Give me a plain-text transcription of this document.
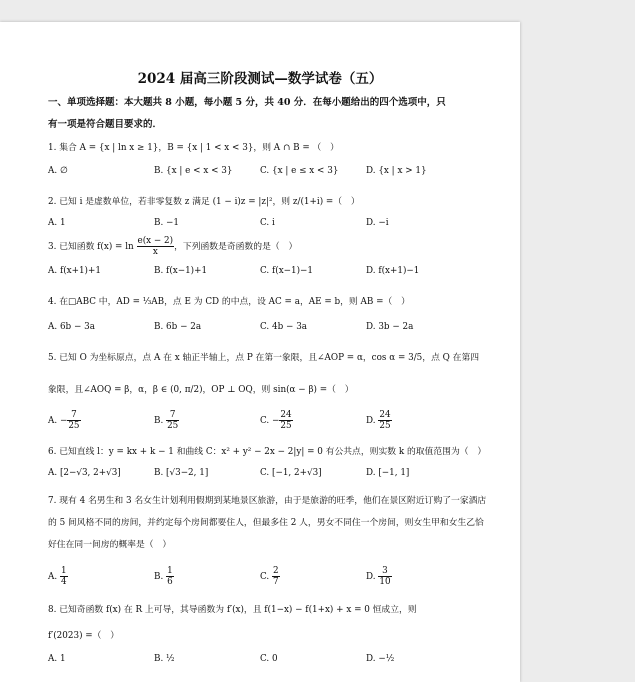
2024 届高三阶段测试—数学试卷（五）
一、单项选择题：本大题共 8 小题，每小题 5 分，共 40 分．在每小题给出的四个选项中，只
有一项是符合题目要求的．
1. 集合 A = {x | ln x ≥ 1}，B = {x | 1 < x < 3}，则 A ∩ B = （　）
A. ∅	B. {x | e < x < 3}	C. {x | e ≤ x < 3}	D. {x | x > 1}
2. 已知 i 是虚数单位，若非零复数 z 满足 (1 − i)z = |z|²，则 z/(1+i) =（　）
A. 1	B. −1	C. i	D. −i
3. 已知函数 $f(x) = \ln \frac{e(x - 2)}{x}$ ，下列函数是奇函数的是（　）
A. f(x+1)+1	B. f(x−1)+1	C. f(x−1)−1	D. f(x+1)−1
4. 在□ABC 中，AD = ⅓AB，点 E 为 CD 的中点，设 AC = a，AE = b，则 AB =（　）
A. 6b − 3a	B. 6b − 2a	C. 4b − 3a	D. 3b − 2a
5. 已知 O 为坐标原点，点 A 在 x 轴正半轴上，点 P 在第一象限，且∠AOP = α，cos α = 3/5，点 Q 在第四
象限，且∠AOQ = β，α，β ∈ (0, π/2)，OP ⊥ OQ，则 sin(α − β) =（　）
A. − $\frac{7}{25}$	B. $\frac{7}{25}$	C. − $\frac{24}{25}$	D. $\frac{24}{25}$
6. 已知直线 l：y = kx + k − 1 和曲线 C：x² + y² − 2x − 2|y| = 0 有公共点，则实数 k 的取值范围为（　）
A. [2−√3, 2+√3]	B. [√3−2, 1]	C. [−1, 2+√3]	D. [−1, 1]
7. 现有 4 名男生和 3 名女生计划利用假期到某地景区旅游，由于是旅游的旺季，他们在景区附近订购了一家酒店的 5 间风格不同的房间，并约定每个房间都要住人，但最多住 2 人，男女不同住一个房间，则女生甲和女生乙恰好住在同一间房的概率是（　）
A. $\frac{1}{4}$	B. $\frac{1}{6}$	C. $\frac{2}{7}$	D. $\frac{3}{10}$
8. 已知奇函数 f(x) 在 R 上可导，其导函数为 f′(x)，且 f(1−x) − f(1+x) + x = 0 恒成立，则
f′(2023) =（　）
A. 1	B. ½	C. 0	D. −½
